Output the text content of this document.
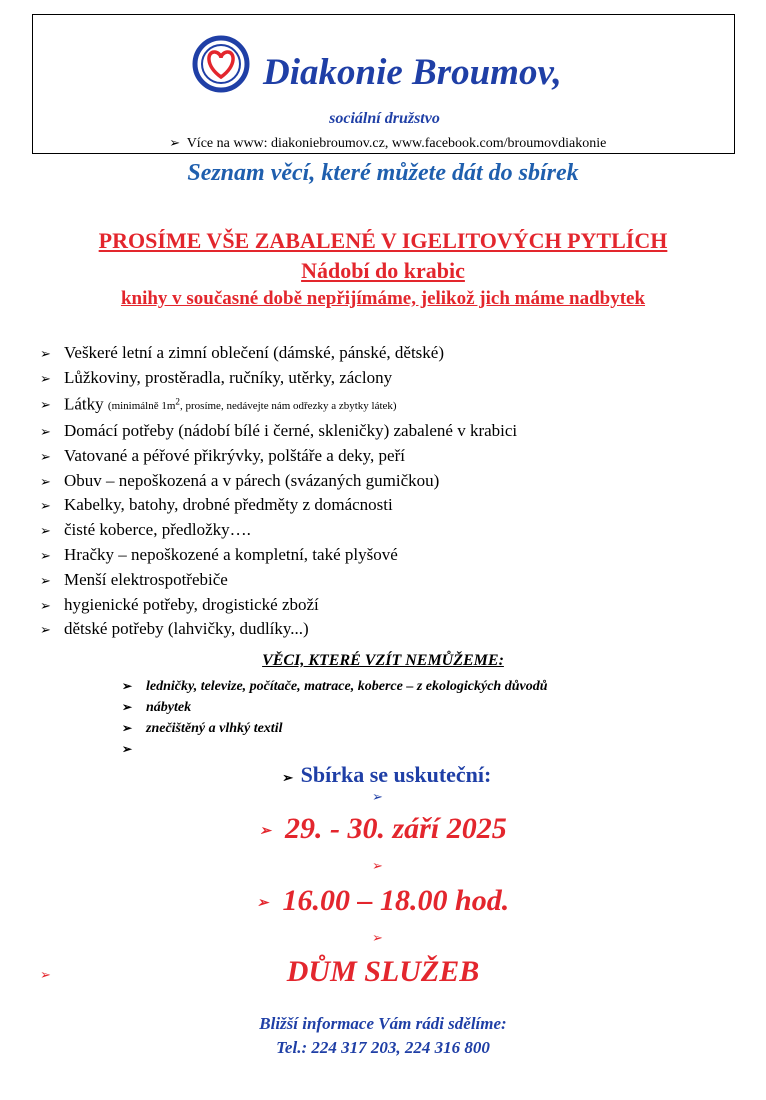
Diakonie Broumov,
sociální družstvo
➢ Více na www: diakoniebroumov.cz, www.facebook.com/broumovdiakonie
Seznam věcí, které můžete dát do sbírek
PROSÍME VŠE ZABALENÉ V IGELITOVÝCH PYTLÍCH
Nádobí do krabic
knihy v současné době nepřijímáme, jelikož jich máme nadbytek
➢ Veškeré letní a zimní oblečení (dámské, pánské, dětské)
➢ Lůžkoviny, prostěradla, ručníky, utěrky, záclony
➢ Látky (minimálně $1m^2$, prosíme, nedávejte nám odřezky a zbytky látek)
➢ Domácí potřeby (nádobí bílé i černé, skleničky) zabalené v krabici
➢ Vatované a péřové přikrývky, polštáře a deky, peří
➢ Obuv – nepoškozená a v párech (svázaných gumičkou)
➢ Kabelky, batohy, drobné předměty z domácnosti
➢ čisté koberce, předložky….
➢ Hračky – nepoškozené a kompletní, také plyšové
➢ Menší elektrospotřebiče
➢ hygienické potřeby, drogistické zboží
➢ dětské potřeby (lahvičky, dudlíky...)
VĚCI, KTERÉ VZÍT NEMŮŽEME:
➢ ledničky, televize, počítače, matrace, koberce – z ekologických důvodů
➢ nábytek
➢ znečištěný a vlhký textil
➢
➢ Sbírka se uskuteční:
➢
➢ 29. - 30. září 2025
➢
➢ 16.00 – 18.00 hod.
➢
➢	DŮM SLUŽEB
Bližší informace Vám rádi sdělíme:
Tel.: 224 317 203, 224 316 800
